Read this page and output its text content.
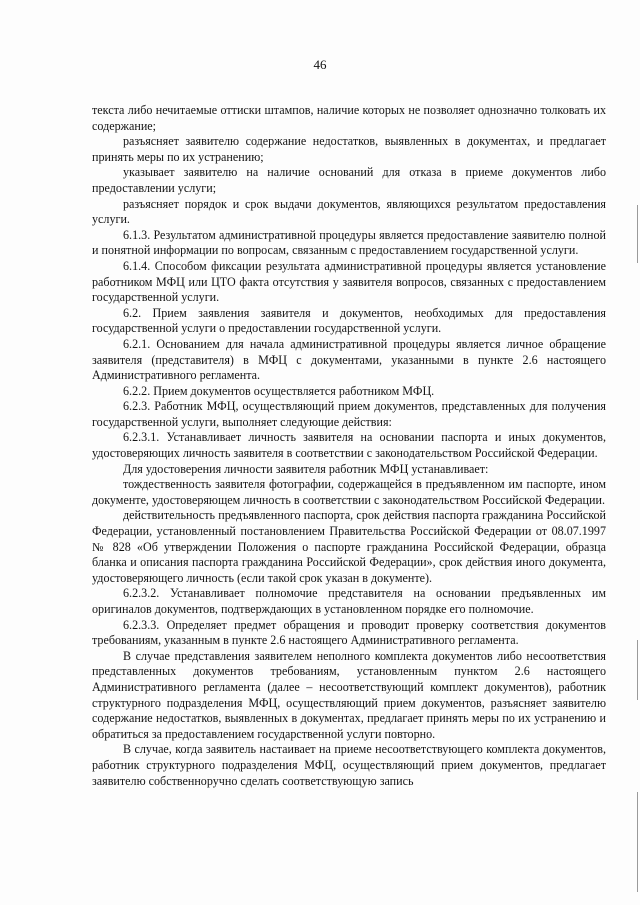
46

текста либо нечитаемые оттиски штампов, наличие которых не позволяет однозначно толковать их содержание;

разъясняет заявителю содержание недостатков, выявленных в документах, и предлагает принять меры по их устранению;

указывает заявителю на наличие оснований для отказа в приеме документов либо предоставлении услуги;

разъясняет порядок и срок выдачи документов, являющихся результатом предоставления услуги.

6.1.3. Результатом административной процедуры является предоставление заявителю полной и понятной информации по вопросам, связанным с предоставлением государственной услуги.

6.1.4. Способом фиксации результата административной процедуры является установление работником МФЦ или ЦТО факта отсутствия у заявителя вопросов, связанных с предоставлением государственной услуги.

6.2. Прием заявления заявителя и документов, необходимых для предоставления государственной услуги о предоставлении государственной услуги.

6.2.1. Основанием для начала административной процедуры является личное обращение заявителя (представителя) в МФЦ с документами, указанными в пункте 2.6 настоящего Административного регламента.

6.2.2. Прием документов осуществляется работником МФЦ.

6.2.3. Работник МФЦ, осуществляющий прием документов, представленных для получения государственной услуги, выполняет следующие действия:

6.2.3.1. Устанавливает личность заявителя на основании паспорта и иных документов, удостоверяющих личность заявителя в соответствии с законодательством Российской Федерации.

Для удостоверения личности заявителя работник МФЦ устанавливает:

тождественность заявителя фотографии, содержащейся в предъявленном им паспорте, ином документе, удостоверяющем личность в соответствии с законодательством Российской Федерации.

действительность предъявленного паспорта, срок действия паспорта гражданина Российской Федерации, установленный постановлением Правительства Российской Федерации от 08.07.1997 № 828 «Об утверждении Положения о паспорте гражданина Российской Федерации, образца бланка и описания паспорта гражданина Российской Федерации», срок действия иного документа, удостоверяющего личность (если такой срок указан в документе).

6.2.3.2. Устанавливает полномочие представителя на основании предъявленных им оригиналов документов, подтверждающих в установленном порядке его полномочие.

6.2.3.3. Определяет предмет обращения и проводит проверку соответствия документов требованиям, указанным в пункте 2.6 настоящего Административного регламента.

В случае представления заявителем неполного комплекта документов либо несоответствия представленных документов требованиям, установленным пунктом 2.6 настоящего Административного регламента (далее – несоответствующий комплект документов), работник структурного подразделения МФЦ, осуществляющий прием документов, разъясняет заявителю содержание недостатков, выявленных в документах, предлагает принять меры по их устранению и обратиться за предоставлением государственной услуги повторно.

В случае, когда заявитель настаивает на приеме несоответствующего комплекта документов, работник структурного подразделения МФЦ, осуществляющий прием документов, предлагает заявителю собственноручно сделать соответствующую запись
